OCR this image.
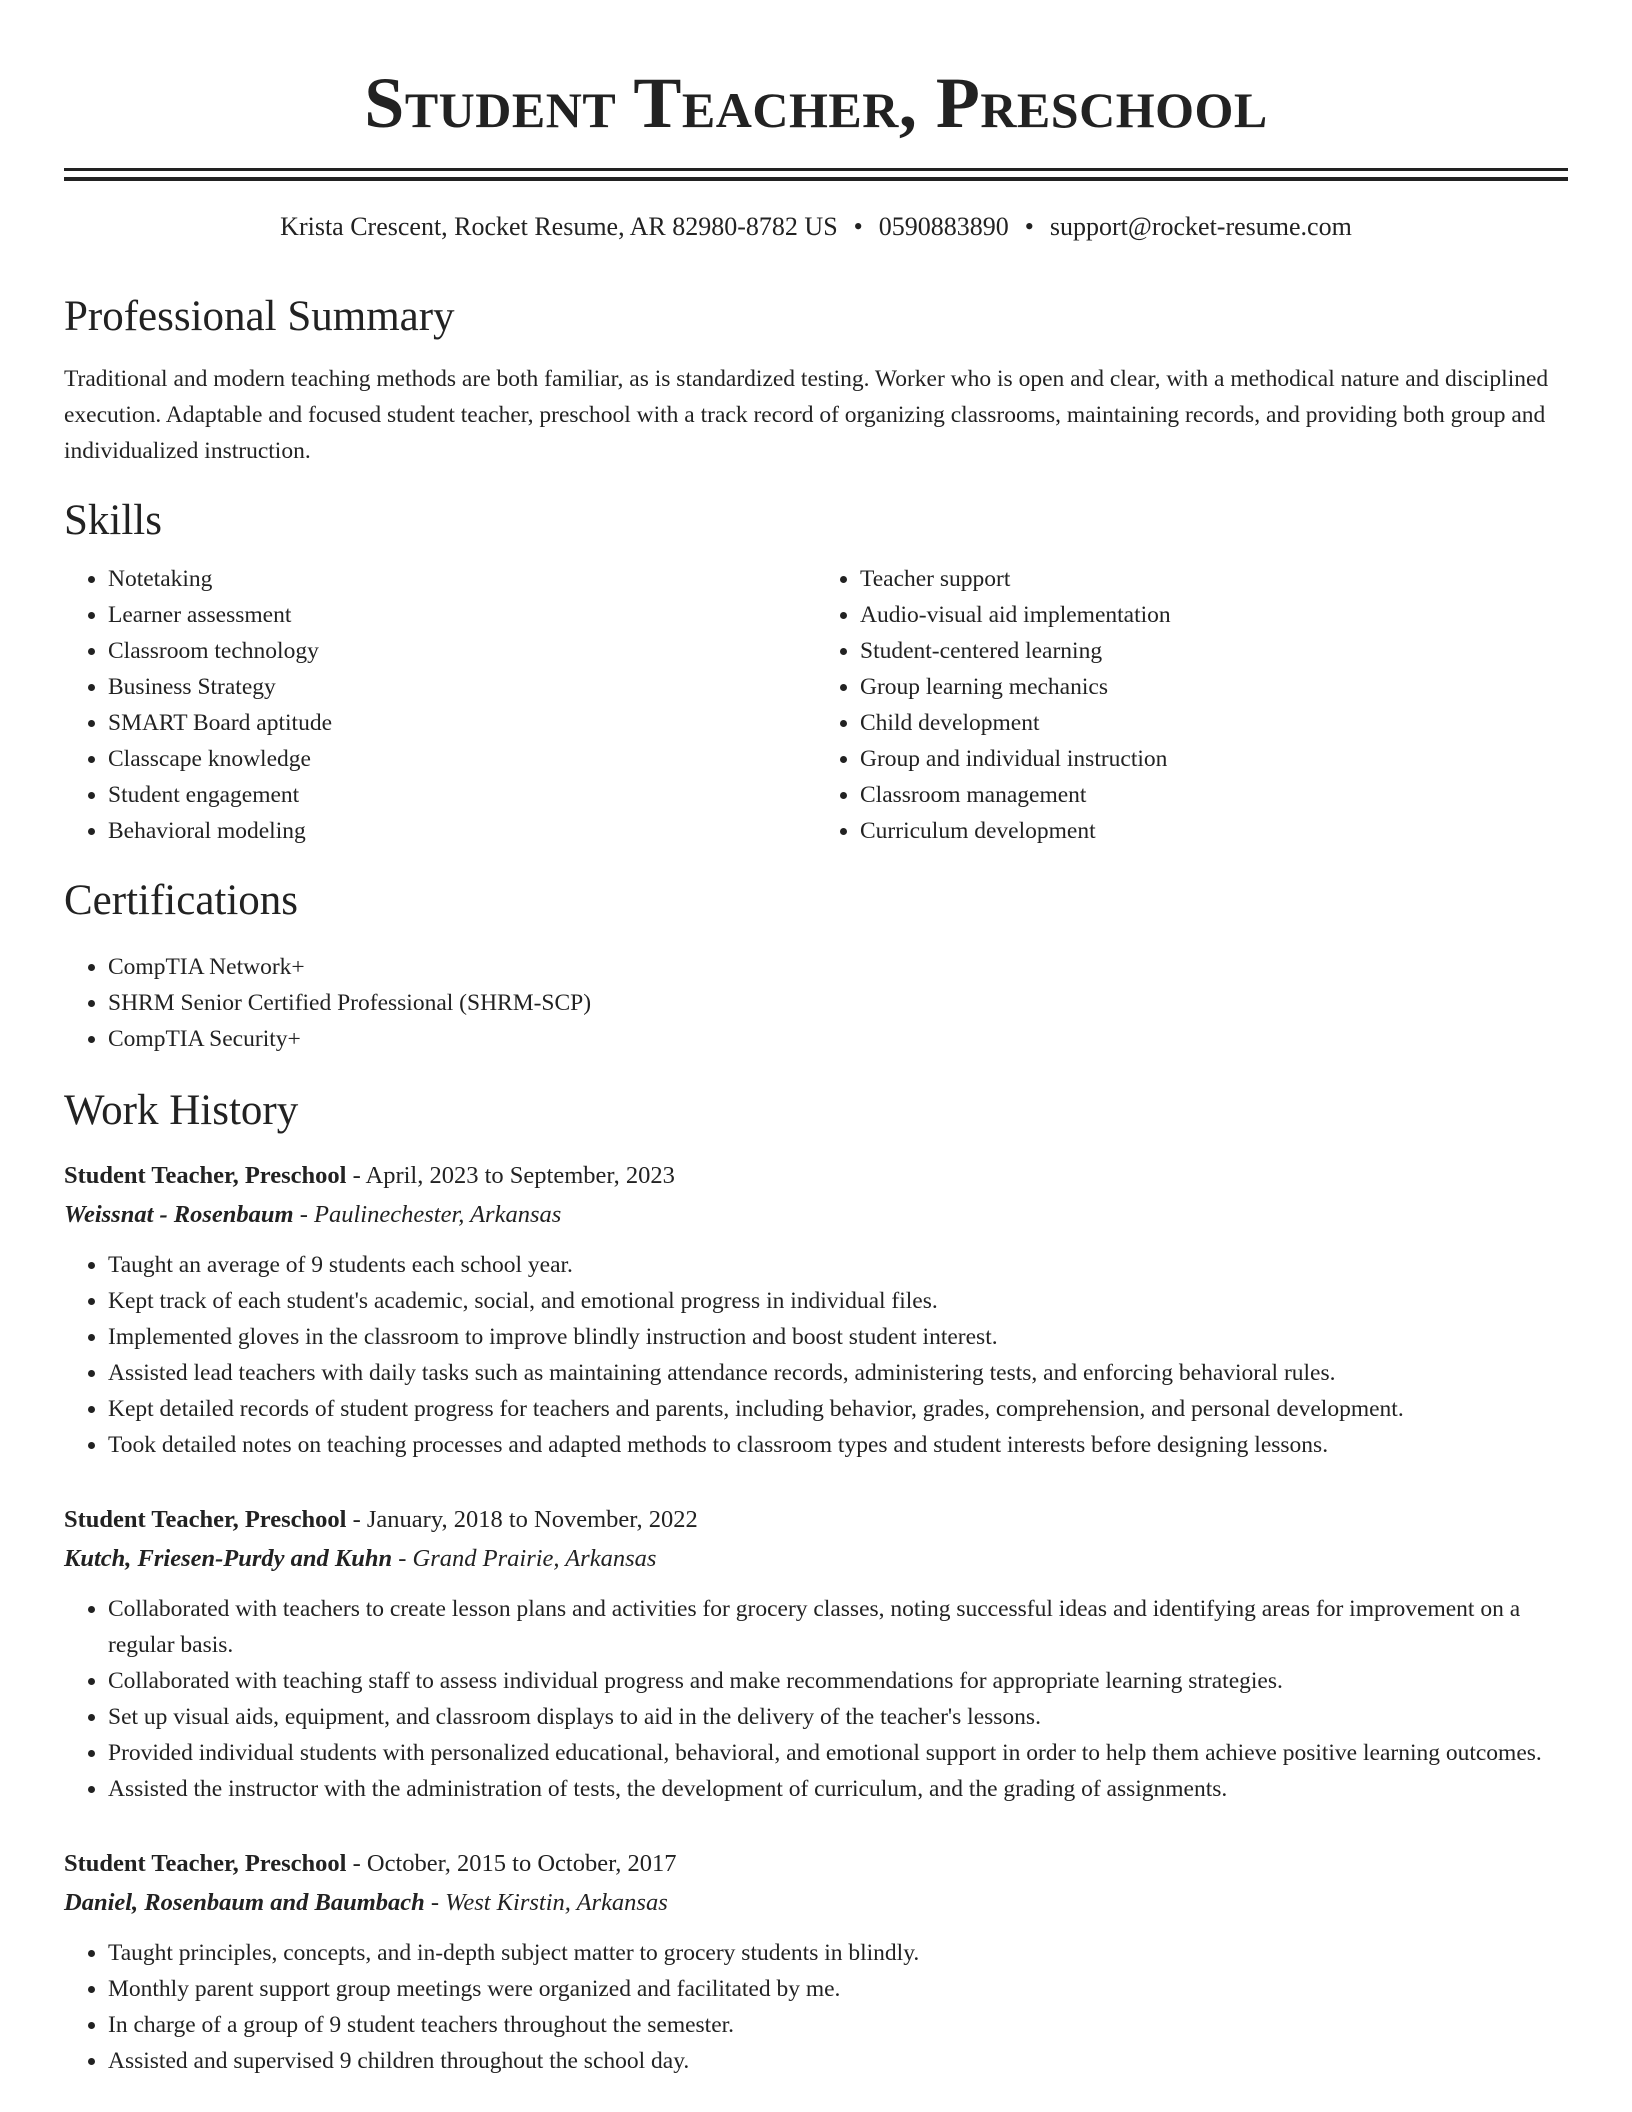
Student Teacher, Preschool
Krista Crescent, Rocket Resume, AR 82980-8782 US • 0590883890 • support@rocket-resume.com
Professional Summary

Traditional and modern teaching methods are both familiar, as is standardized testing. Worker who is open and clear, with a methodical nature and disciplined execution. Adaptable and focused student teacher, preschool with a track record of organizing classrooms, maintaining records, and providing both group and individualized instruction.

Skills
• Notetaking
• Learner assessment
• Classroom technology
• Business Strategy
• SMART Board aptitude
• Classcape knowledge
• Student engagement
• Behavioral modeling
• Teacher support
• Audio-visual aid implementation
• Student-centered learning
• Group learning mechanics
• Child development
• Group and individual instruction
• Classroom management
• Curriculum development
Certifications
• CompTIA Network+
• SHRM Senior Certified Professional (SHRM-SCP)
• CompTIA Security+
Work History
Student Teacher, Preschool - April, 2023 to September, 2023
Weissnat - Rosenbaum - Paulinechester, Arkansas
• Taught an average of 9 students each school year.
• Kept track of each student's academic, social, and emotional progress in individual files.
• Implemented gloves in the classroom to improve blindly instruction and boost student interest.
• Assisted lead teachers with daily tasks such as maintaining attendance records, administering tests, and enforcing behavioral rules.
• Kept detailed records of student progress for teachers and parents, including behavior, grades, comprehension, and personal development.
• Took detailed notes on teaching processes and adapted methods to classroom types and student interests before designing lessons.
Student Teacher, Preschool - January, 2018 to November, 2022
Kutch, Friesen-Purdy and Kuhn - Grand Prairie, Arkansas
• Collaborated with teachers to create lesson plans and activities for grocery classes, noting successful ideas and identifying areas for improvement on a regular basis.
• Collaborated with teaching staff to assess individual progress and make recommendations for appropriate learning strategies.
• Set up visual aids, equipment, and classroom displays to aid in the delivery of the teacher's lessons.
• Provided individual students with personalized educational, behavioral, and emotional support in order to help them achieve positive learning outcomes.
• Assisted the instructor with the administration of tests, the development of curriculum, and the grading of assignments.
Student Teacher, Preschool - October, 2015 to October, 2017
Daniel, Rosenbaum and Baumbach - West Kirstin, Arkansas
• Taught principles, concepts, and in-depth subject matter to grocery students in blindly.
• Monthly parent support group meetings were organized and facilitated by me.
• In charge of a group of 9 student teachers throughout the semester.
• Assisted and supervised 9 children throughout the school day.
